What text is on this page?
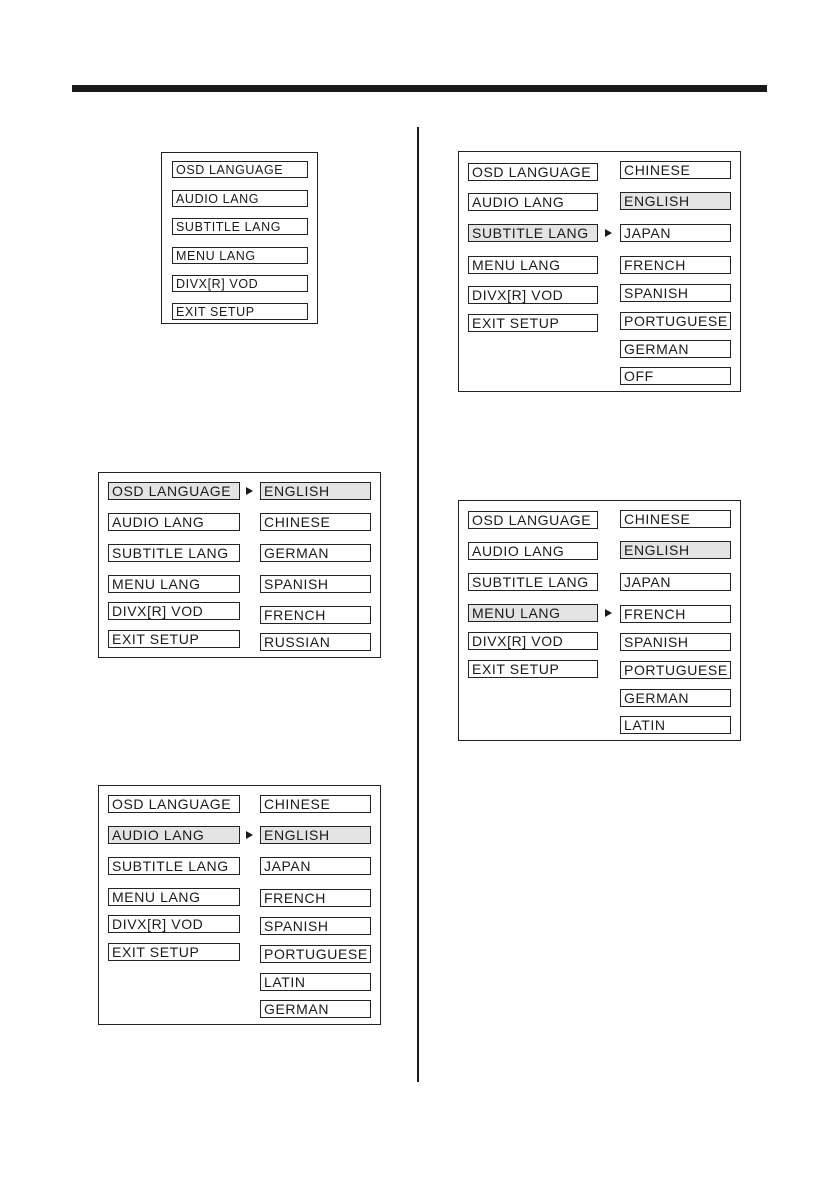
OSD LANGUAGE
AUDIO LANG
SUBTITLE LANG
MENU LANG
DIVX[R] VOD
EXIT SETUP
OSD LANGUAGE
AUDIO LANG
SUBTITLE LANG
MENU LANG
DIVX[R] VOD
EXIT SETUP
ENGLISH
CHINESE
GERMAN
SPANISH
FRENCH
RUSSIAN
OSD LANGUAGE
AUDIO LANG
SUBTITLE LANG
MENU LANG
DIVX[R] VOD
EXIT SETUP
CHINESE
ENGLISH
JAPAN
FRENCH
SPANISH
PORTUGUESE
LATIN
GERMAN
OSD LANGUAGE
AUDIO LANG
SUBTITLE LANG
MENU LANG
DIVX[R] VOD
EXIT SETUP
CHINESE
ENGLISH
JAPAN
FRENCH
SPANISH
PORTUGUESE
GERMAN
OFF
OSD LANGUAGE
AUDIO LANG
SUBTITLE LANG
MENU LANG
DIVX[R] VOD
EXIT SETUP
CHINESE
ENGLISH
JAPAN
FRENCH
SPANISH
PORTUGUESE
GERMAN
LATIN
